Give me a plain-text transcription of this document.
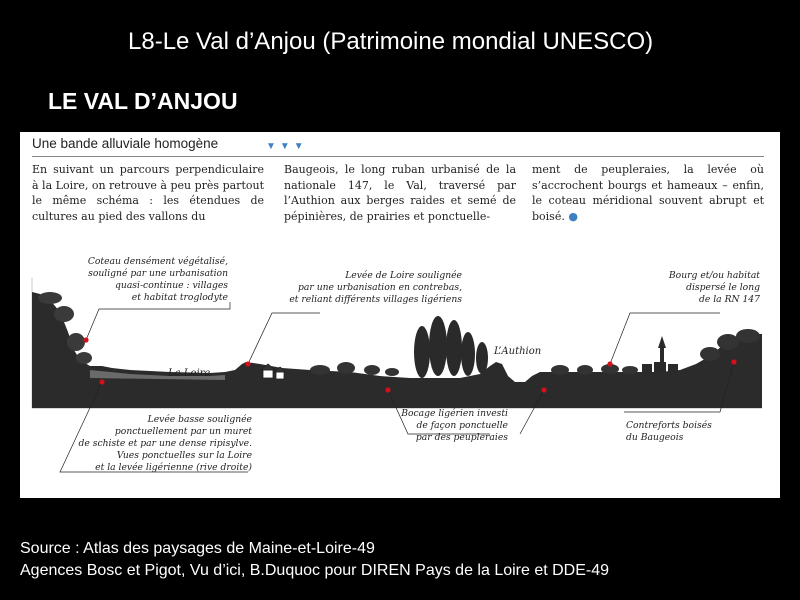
L8-Le Val d’Anjou (Patrimoine mondial UNESCO)
LE VAL D’ANJOU
Une bande alluviale homogène	▼▼▼
En suivant un parcours perpendiculaire à la Loire, on retrouve à peu près partout le même schéma : les étendues de cultures au pied des vallons du
Baugeois, le long ruban urbanisé de la nationale 147, le Val, traversé par l’Authion aux berges raides et semé de pépinières, de prairies et ponctuelle-
ment de peupleraies, la levée où s’accrochent bourgs et hameaux – enfin, le coteau méridional souvent abrupt et boisé. ●
Coteau densément végétalisé,
souligné par une urbanisation
quasi-continue : villages
et habitat troglodyte
Levée de Loire soulignée
par une urbanisation en contrebas,
et reliant différents villages ligériens
Bourg et/ou habitat
dispersé le long
de la RN 147
La Loire
L’Authion
Levée basse soulignée
ponctuellement par un muret
de schiste et par une dense ripisylve.
Vues ponctuelles sur la Loire
et la levée ligérienne (rive droite)
Bocage ligérien investi
de façon ponctuelle
par des peupleraies
Contreforts boisés
du Baugeois
Source : Atlas des paysages de Maine-et-Loire-49
Agences Bosc et Pigot, Vu d’ici, B.Duquoc pour DIREN Pays de la Loire et DDE-49
